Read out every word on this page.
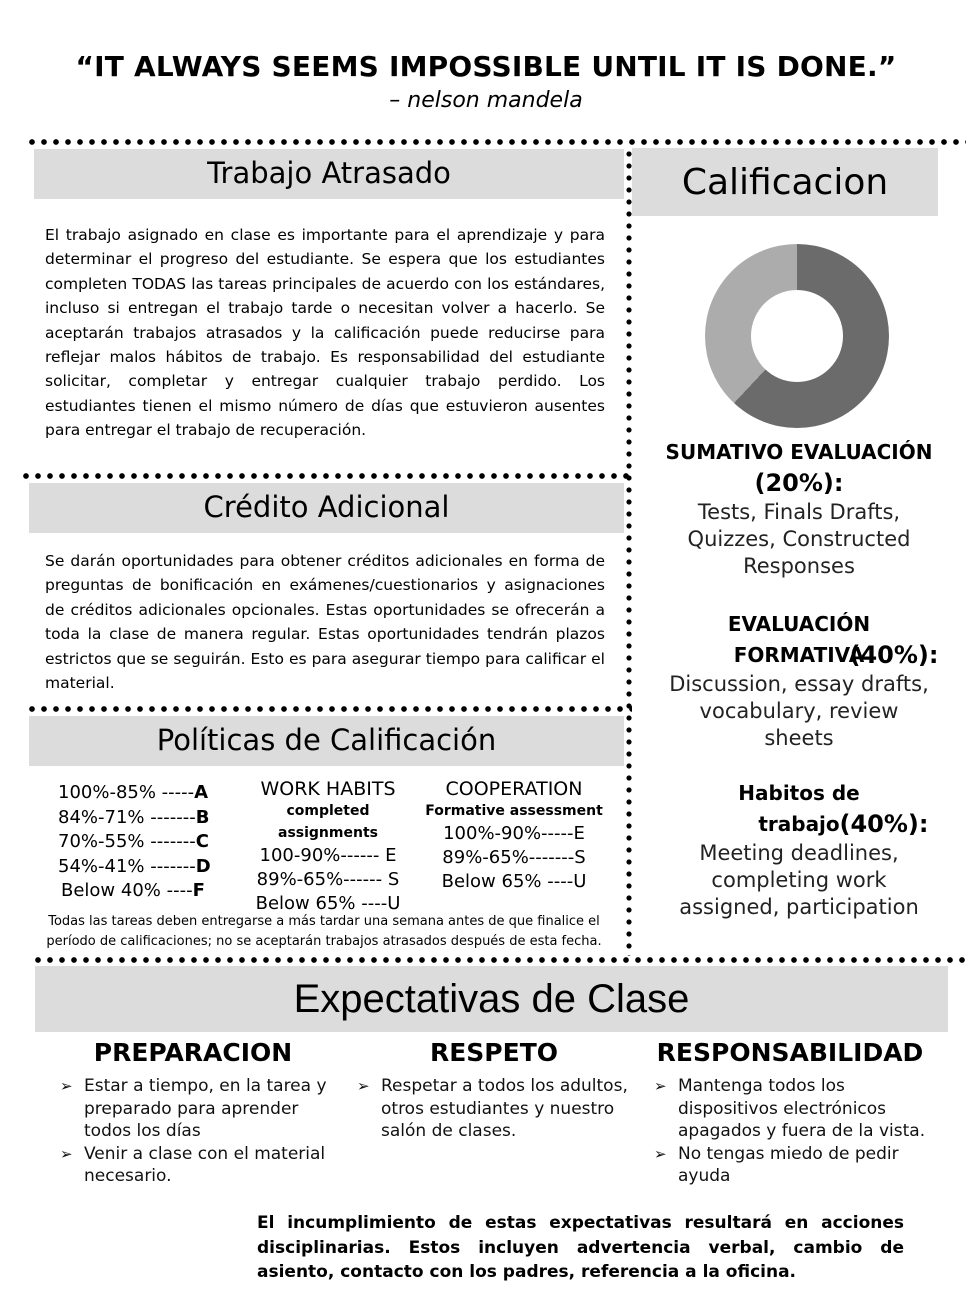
“IT ALWAYS SEEMS IMPOSSIBLE UNTIL IT IS DONE.”
– nelson mandela
Trabajo Atrasado
El trabajo asignado en clase es importante para el aprendizaje y para determinar el progreso del estudiante. Se espera que los estudiantes completen TODAS las tareas principales de acuerdo con los estándares, incluso si entregan el trabajo tarde o necesitan volver a hacerlo. Se aceptarán trabajos atrasados y la calificación puede reducirse para reflejar malos hábitos de trabajo. Es responsabilidad del estudiante solicitar, completar y entregar cualquier trabajo perdido. Los estudiantes tienen el mismo número de días que estuvieron ausentes para entregar el trabajo de recuperación.
Crédito Adicional
Se darán oportunidades para obtener créditos adicionales en forma de preguntas de bonificación en exámenes/cuestionarios y asignaciones de créditos adicionales opcionales. Estas oportunidades se ofrecerán a toda la clase de manera regular. Estas oportunidades tendrán plazos estrictos que se seguirán. Esto es para asegurar tiempo para calificar el material.
Políticas de Calificación
100%-85% -----A
84%-71% -------B
70%-55% -------C
54%-41% -------D
Below 40% ----F
WORK HABITS
completed assignments
100-90%------ E
89%-65%------ S
Below 65% ----U
COOPERATION
Formative assessment
100%-90%-----E
89%-65%-------S
Below 65% ----U
Todas las tareas deben entregarse a más tardar una semana antes de que finalice el período de calificaciones; no se aceptarán trabajos atrasados después de esta fecha.
Calificacion
SUMATIVO EVALUACIÓN
(20%):
Tests, Finals Drafts, Quizzes, Constructed Responses
EVALUACIÓN FORMATIVA
(40%):
Discussion, essay drafts, vocabulary, review sheets
Habitos de trabajo (40%):
Meeting deadlines, completing work assigned, participation
Expectativas de Clase
PREPARACION
➢ Estar a tiempo, en la tarea y preparado para aprender todos los días
➢ Venir a clase con el material necesario.
RESPETO
➢ Respetar a todos los adultos, otros estudiantes y nuestro salón de clases.
RESPONSABILIDAD
➢ Mantenga todos los dispositivos electrónicos apagados y fuera de la vista.
➢ No tengas miedo de pedir ayuda
El incumplimiento de estas expectativas resultará en acciones disciplinarias. Estos incluyen advertencia verbal, cambio de asiento, contacto con los padres, referencia a la oficina.
